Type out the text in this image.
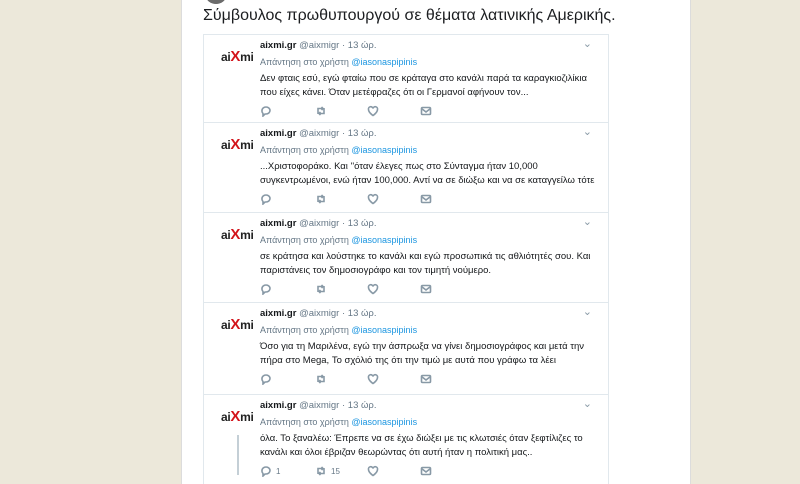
Σύμβουλος πρωθυπουργού σε θέματα λατινικής Αμερικής.
aiXmi
aixmi.gr @aixmigr · 13 ώρ.	⌄
Απάντηση στο χρήστη @iasonaspipinis
Δεν φταις εσύ, εγώ φταίω που σε κράταγα στο κανάλι παρά τα καραγκιοζιλίκια που είχες κάνει. Όταν μετέφραζες ότι οι Γερμανοί αφήνουν τον...
aiXmi
aixmi.gr @aixmigr · 13 ώρ.	⌄
Απάντηση στο χρήστη @iasonaspipinis
...Χριστοφοράκο. Και ''όταν έλεγες πως στο Σύνταγμα ήταν 10,000 συγκεντρωμένοι, ενώ ήταν 100,000. Αντί να σε διώξω και να σε καταγγείλω τότε
aiXmi
aixmi.gr @aixmigr · 13 ώρ.	⌄
Απάντηση στο χρήστη @iasonaspipinis
σε κράτησα και λούστηκε το κανάλι και εγώ προσωπικά τις αθλιότητές σου. Και παριστάνεις τον δημοσιογράφο και τον τιμητή νούμερο.
aiXmi
aixmi.gr @aixmigr · 13 ώρ.	⌄
Απάντηση στο χρήστη @iasonaspipinis
Όσο για τη Μαριλένα, εγώ την άσπρωξα να γίνει δημοσιογράφος και μετά την πήρα στο Mega, Το σχόλιό της ότι την τιμώ με αυτά που γράφω τα λέει
aiXmi
aixmi.gr @aixmigr · 13 ώρ.	⌄
Απάντηση στο χρήστη @iasonaspipinis
όλα. Το ξαναλέω: Έπρεπε να σε έχω διώξει με τις κλωτσιές όταν ξεφτίλιζες το κανάλι και όλοι έβριζαν θεωρώντας ότι αυτή ήταν η πολιτική μας..
1	15
